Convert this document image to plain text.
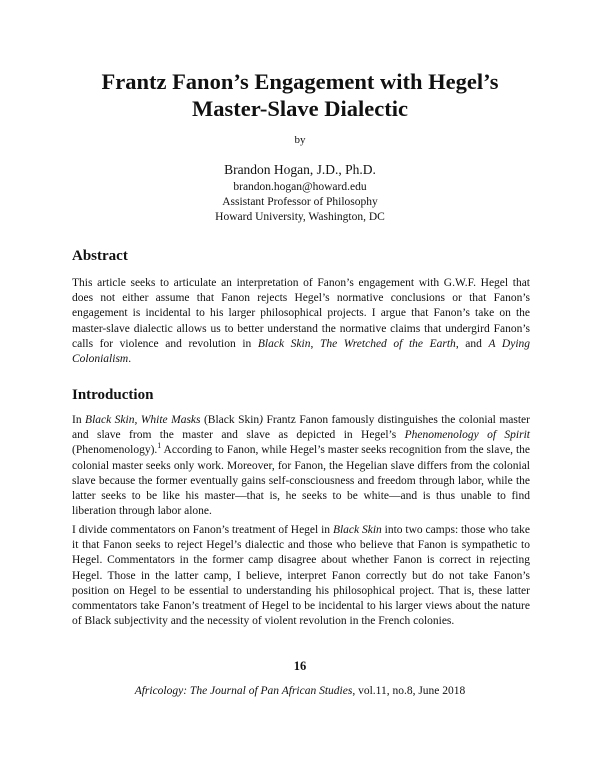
Frantz Fanon’s Engagement with Hegel’s
Master-Slave Dialectic
by
Brandon Hogan, J.D., Ph.D.
brandon.hogan@howard.edu
Assistant Professor of Philosophy
Howard University, Washington, DC
Abstract

This article seeks to articulate an interpretation of Fanon’s engagement with G.W.F. Hegel that does not either assume that Fanon rejects Hegel’s normative conclusions or that Fanon’s engagement is incidental to his larger philosophical projects. I argue that Fanon’s take on the master-slave dialectic allows us to better understand the normative claims that undergird Fanon’s calls for violence and revolution in Black Skin, The Wretched of the Earth, and A Dying Colonialism.

Introduction

In Black Skin, White Masks (Black Skin) Frantz Fanon famously distinguishes the colonial master and slave from the master and slave as depicted in Hegel’s Phenomenology of Spirit (Phenomenology).$^1$ According to Fanon, while Hegel’s master seeks recognition from the slave, the colonial master seeks only work. Moreover, for Fanon, the Hegelian slave differs from the colonial slave because the former eventually gains self-consciousness and freedom through labor, while the latter seeks to be like his master—that is, he seeks to be white—and is thus unable to find liberation through labor alone.

I divide commentators on Fanon’s treatment of Hegel in Black Skin into two camps: those who take it that Fanon seeks to reject Hegel’s dialectic and those who believe that Fanon is sympathetic to Hegel. Commentators in the former camp disagree about whether Fanon is correct in rejecting Hegel. Those in the latter camp, I believe, interpret Fanon correctly but do not take Fanon’s position on Hegel to be essential to understanding his philosophical project. That is, these latter commentators take Fanon’s treatment of Hegel to be incidental to his larger views about the nature of Black subjectivity and the necessity of violent revolution in the French colonies.

16
Africology: The Journal of Pan African Studies, vol.11, no.8, June 2018
